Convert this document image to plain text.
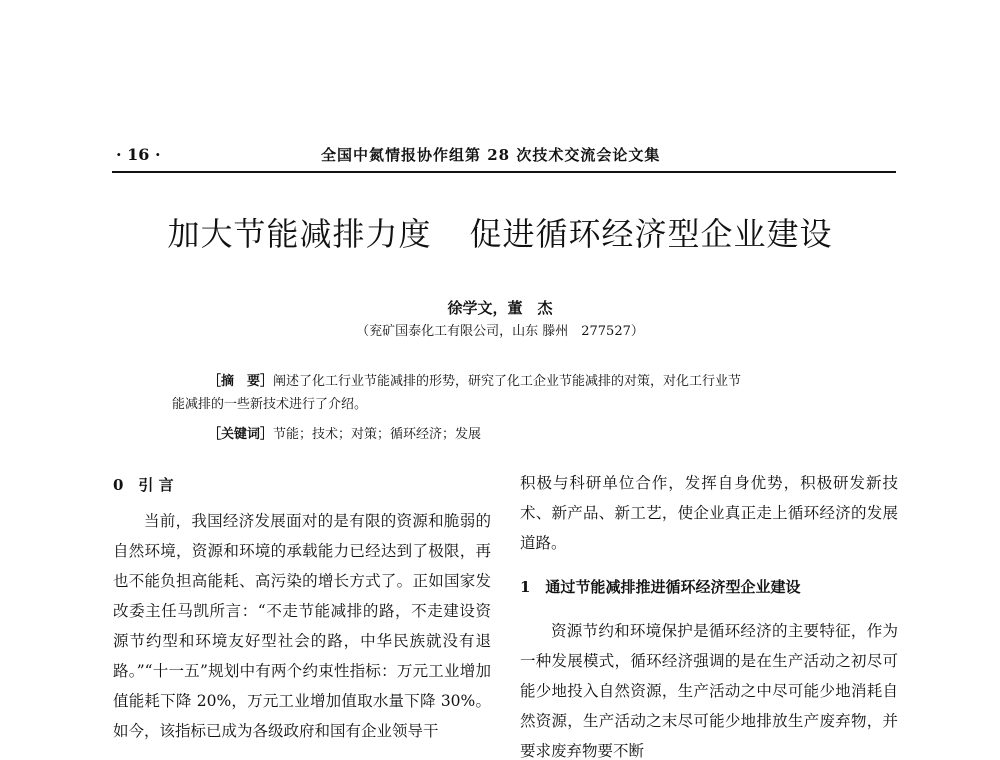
· 16 ·	全国中氮情报协作组第 28 次技术交流会论文集
加大节能减排力度 促进循环经济型企业建设
徐学文，董　杰
（兖矿国泰化工有限公司，山东 滕州　277527）
［摘　要］阐述了化工行业节能减排的形势，研究了化工企业节能减排的对策，对化工行业节
能减排的一些新技术进行了介绍。
［关键词］节能；技术；对策；循环经济；发展
0　引 言

当前，我国经济发展面对的是有限的资源和脆弱的自然环境，资源和环境的承载能力已经达到了极限，再也不能负担高能耗、高污染的增长方式了。正如国家发改委主任马凯所言：“不走节能减排的路，不走建设资源节约型和环境友好型社会的路，中华民族就没有退路。”“十一五”规划中有两个约束性指标：万元工业增加值能耗下降 20%，万元工业增加值取水量下降 30%。如今，该指标已成为各级政府和国有企业领导干

积极与科研单位合作，发挥自身优势，积极研发新技术、新产品、新工艺，使企业真正走上循环经济的发展道路。

1　通过节能减排推进循环经济型企业建设

资源节约和环境保护是循环经济的主要特征，作为一种发展模式，循环经济强调的是在生产活动之初尽可能少地投入自然资源，生产活动之中尽可能少地消耗自然资源，生产活动之末尽可能少地排放生产废弃物，并要求废弃物要不断
